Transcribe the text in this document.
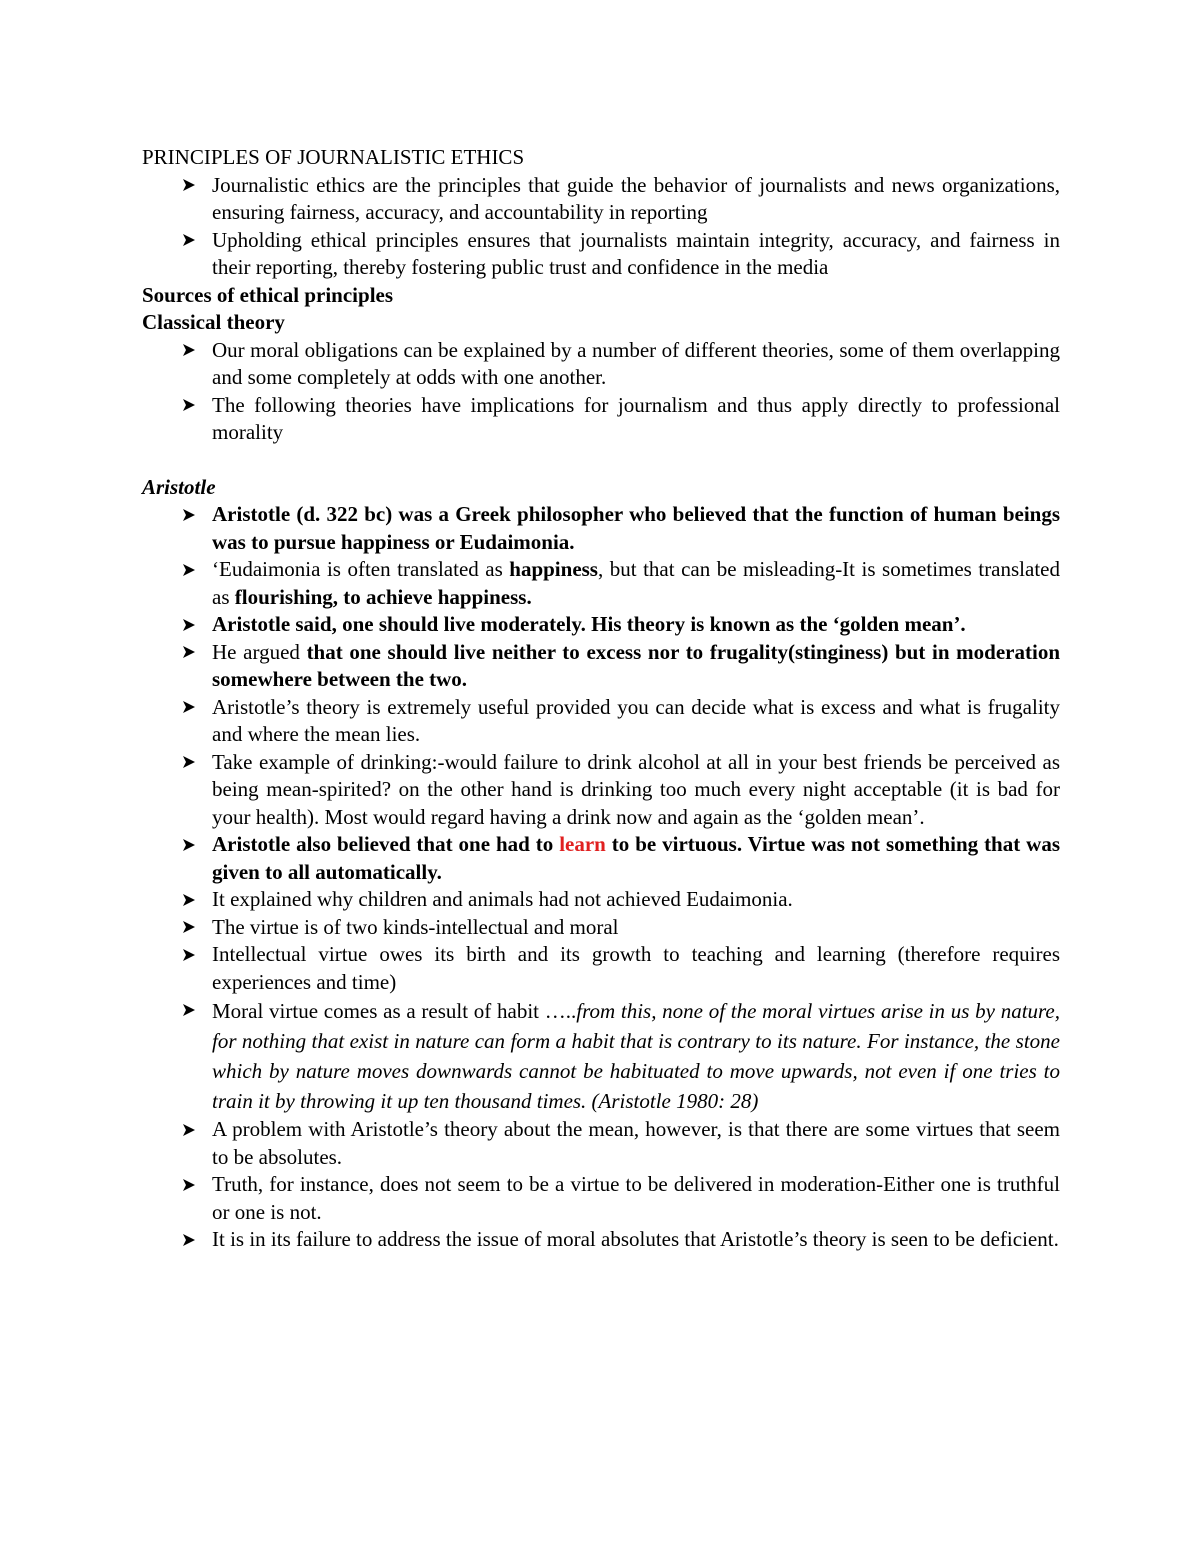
PRINCIPLES OF JOURNALISTIC ETHICS

Journalistic ethics are the principles that guide the behavior of journalists and news organizations, ensuring fairness, accuracy, and accountability in reporting
Upholding ethical principles ensures that journalists maintain integrity, accuracy, and fairness in their reporting, thereby fostering public trust and confidence in the media

Sources of ethical principles

Classical theory

Our moral obligations can be explained by a number of different theories, some of them overlapping and some completely at odds with one another.
The following theories have implications for journalism and thus apply directly to professional morality

Aristotle

Aristotle (d. 322 bc) was a Greek philosopher who believed that the function of human beings was to pursue happiness or Eudaimonia.
‘Eudaimonia is often translated as happiness, but that can be misleading-It is sometimes translated as flourishing, to achieve happiness.
Aristotle said, one should live moderately. His theory is known as the ‘golden mean’.
He argued that one should live neither to excess nor to frugality(stinginess) but in moderation somewhere between the two.
Aristotle’s theory is extremely useful provided you can decide what is excess and what is frugality and where the mean lies.
Take example of drinking:-would failure to drink alcohol at all in your best friends be perceived as being mean-spirited? on the other hand is drinking too much every night acceptable (it is bad for your health). Most would regard having a drink now and again as the ‘golden mean’.
Aristotle also believed that one had to learn to be virtuous. Virtue was not something that was given to all automatically.
It explained why children and animals had not achieved Eudaimonia.
The virtue is of two kinds-intellectual and moral
Intellectual virtue owes its birth and its growth to teaching and learning (therefore requires experiences and time)
Moral virtue comes as a result of habit …..from this, none of the moral virtues arise in us by nature, for nothing that exist in nature can form a habit that is contrary to its nature. For instance, the stone which by nature moves downwards cannot be habituated to move upwards, not even if one tries to train it by throwing it up ten thousand times. (Aristotle 1980: 28)
A problem with Aristotle’s theory about the mean, however, is that there are some virtues that seem to be absolutes.
Truth, for instance, does not seem to be a virtue to be delivered in moderation-Either one is truthful or one is not.
It is in its failure to address the issue of moral absolutes that Aristotle’s theory is seen to be deficient.
